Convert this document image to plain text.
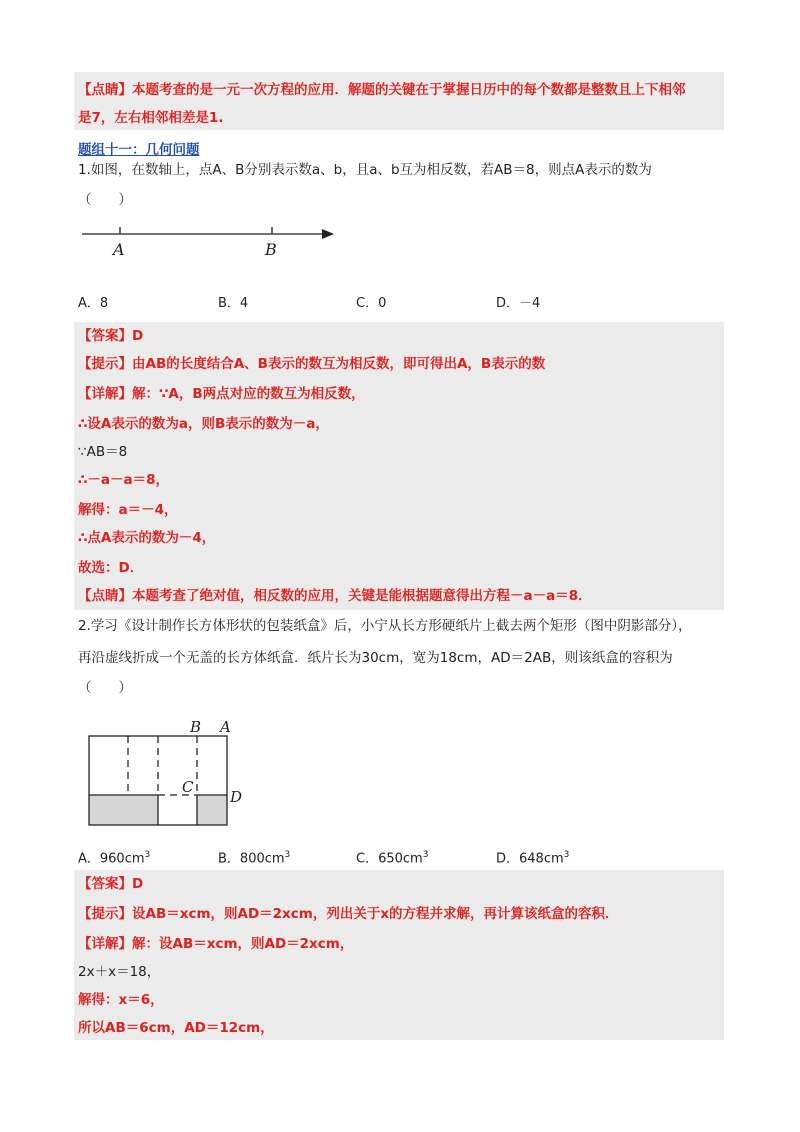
【点睛】本题考查的是一元一次方程的应用．解题的关键在于掌握日历中的每个数都是整数且上下相邻
是7，左右相邻相差是1.
题组十一：几何问题
1.如图，在数轴上，点A、B分别表示数a、b，且a、b互为相反数，若AB＝8，则点A表示的数为
（　　）
A	B
A．8	B．4	C．0	D．－4
【答案】D
【提示】由AB的长度结合A、B表示的数互为相反数，即可得出A，B表示的数
【详解】解：∵A，B两点对应的数互为相反数，
∴设A表示的数为a，则B表示的数为－a，
∵AB＝8
∴－a－a＝8，
解得：a＝－4，
∴点A表示的数为－4，
故选：D．
【点睛】本题考查了绝对值，相反数的应用，关键是能根据题意得出方程－a－a＝8．
2.学习《设计制作长方体形状的包装纸盒》后，小宁从长方形硬纸片上截去两个矩形（图中阴影部分），
再沿虚线折成一个无盖的长方体纸盒．纸片长为30cm，宽为18cm，AD＝2AB，则该纸盒的容积为
（　　）
B A
C
D
A．$960cm^3$	B．$800cm^3$	C．$650cm^3$	D．$648cm^3$
【答案】D
【提示】设AB＝xcm，则AD＝2xcm，列出关于x的方程并求解，再计算该纸盒的容积．
【详解】解：设AB＝xcm，则AD＝2xcm，
2x＋x＝18，
解得：x＝6，
所以AB＝6cm，AD＝12cm，
